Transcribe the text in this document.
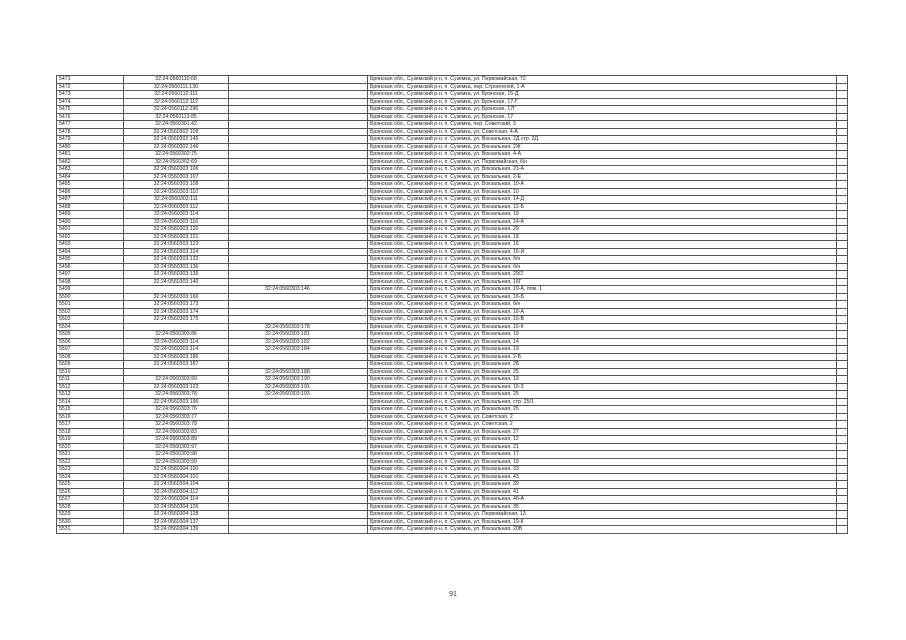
5471	32:24:0560110:68		Брянская обл., Суземский р-н, п. Суземка, ул. Первомайская, 72	
5472	32:24:0560111:130		Брянская обл., Суземский р-н, п. Суземка, пер. Строителей, 1-А	
5473	32:24:0560112:111		Брянская обл., Суземский р-н, п. Суземка, ул. Брянская, 15-Д	
5474	32:24:0560112:112		Брянская обл., Суземский р-н, п. Суземка, ул. Брянская, 17-Г	
5475	32:24:0560112:296		Брянская обл., Суземский р-н, п. Суземка, ул. Брянская, 17Г	
5476	32:24:0560113:85		Брянская обл., Суземский р-н, п. Суземка, ул. Брянская, 17	
5477	32:24:0560301:42		Брянская обл., Суземский р-н, п. Суземка, пер. Советский, 3	
5478	32:24:0560302:109		Брянская обл., Суземский р-н, п. Суземка, ул. Советская, 4-А	
5479	32:24:0560302:145		Брянская обл., Суземский р-н, п. Суземка, ул. Вокзальная, 2Д стр. 2Д	
5480	32:24:0560302:146		Брянская обл., Суземский р-н, п. Суземка, ул. Вокзальная, 2Ж	
5481	32:24:0560302:75		Брянская обл., Суземский р-н, п. Суземка, ул. Вокзальная, 4-А	
5482	32:24:0560302:69		Брянская обл., Суземский р-н, п. Суземка, ул. Первомайская, б/н	
5483	32:24:0560303:106		Брянская обл., Суземский р-н, п. Суземка, ул. Вокзальная, 21-А	
5484	32:24:0560303:107		Брянская обл., Суземский р-н, п. Суземка, ул. Вокзальная, 2-Е	
5485	32:24:0560303:108		Брянская обл., Суземский р-н, п. Суземка, ул. Вокзальная, 10-А	
5486	32:24:0560303:110		Брянская обл., Суземский р-н, п. Суземка, ул. Вокзальная, 10	
5487	32:24:0560303:111		Брянская обл., Суземский р-н, п. Суземка, ул. Вокзальная, 14-Д	
5488	32:24:0560303:112		Брянская обл., Суземский р-н, п. Суземка, ул. Вокзальная, 12-Б	
5489	32:24:0560303:114		Брянская обл., Суземский р-н, п. Суземка, ул. Вокзальная, 19	
5490	32:24:0560303:116		Брянская обл., Суземский р-н, п. Суземка, ул. Вокзальная, 14-А	
5491	32:24:0560303:120		Брянская обл., Суземский р-н, п. Суземка, ул. Вокзальная, 29	
5492	32:24:0560303:121		Брянская обл., Суземский р-н, п. Суземка, ул. Вокзальная, 18	
5493	32:24:0560303:123		Брянская обл., Суземский р-н, п. Суземка, ул. Вокзальная, 16	
5494	32:24:0560303:124		Брянская обл., Суземский р-н, п. Суземка, ул. Вокзальная, 16-И	
5495	32:24:0560303:133		Брянская обл., Суземский р-н, п. Суземка, ул. Вокзальная, б/н	
5496	32:24:0560303:136		Брянская обл., Суземский р-н, п. Суземка, ул. Вокзальная, б/н	
5497	32:24:0560303:139		Брянская обл., Суземский р-н, п. Суземка, ул. Вокзальная, 29/2	
5498	32:24:0560303:140		Брянская обл., Суземский р-н, п. Суземка, ул. Вокзальная, 16Г	
5499		32:24:0560303:146	Брянская обл., Суземский р-н, п. Суземка, ул. Вокзальная, 19-А, пом. 1	
5500	32:24:0560303:166		Брянская обл., Суземский р-н, п. Суземка, ул. Вокзальная, 16-Б	
5501	32:24:0560303:173		Брянская обл., Суземский р-н, п. Суземка, ул. Вокзальная, б/н	
5502	32:24:0560303:174		Брянская обл., Суземский р-н, п. Суземка, ул. Вокзальная, 16-А	
5503	32:24:0560303:175		Брянская обл., Суземский р-н, п. Суземка, ул. Вокзальная, 16-В	
5504		32:24:0560303:178	Брянская обл., Суземский р-н, п. Суземка, ул. Вокзальная, 16-К	
5505	32:24:0560303:86	32:24:0560303:181	Брянская обл., Суземский р-н, п. Суземка, ул. Вокзальная, 19	
5506	32:24:0560303:114	32:24:0560303:182	Брянская обл., Суземский р-н, п. Суземка, ул. Вокзальная, 14	
5507	32:24:0560303:114	32:24:0560303:184	Брянская обл., Суземский р-н, п. Суземка, ул. Вокзальная, 19	
5508	32:24:0560303:186		Брянская обл., Суземский р-н, п. Суземка, ул. Вокзальная, 2-Б	
5509	32:24:0560303:187		Брянская обл., Суземский р-н, п. Суземка, ул. Вокзальная, 2Б	
5510		32:24:0560303:188	Брянская обл., Суземский р-н, п. Суземка, ул. Вокзальная, 25	
5511	32:24:0560303:99	32:24:0560303:190	Брянская обл., Суземский р-н, п. Суземка, ул. Вокзальная, 19	
5512	32:24:0560303:123	32:24:0560303:191	Брянская обл., Суземский р-н, п. Суземка, ул. Вокзальная, 16-З	
5513	32:24:0560303:78	32:24:0560303:193	Брянская обл., Суземский р-н, п. Суземка, ул. Вокзальная, 25	
5514	32:24:0560303:196		Брянская обл., Суземский р-н, п. Суземка, ул. Вокзальная, стр. 25/1	
5515	32:24:0560303:76		Брянская обл., Суземский р-н, п. Суземка, ул. Вокзальная, 25	
5516	32:24:0560303:77		Брянская обл., Суземский р-н, п. Суземка, ул. Советская, 2	
5517	32:24:0560303:78		Брянская обл., Суземский р-н, п. Суземка, ул. Советская, 2	
5518	32:24:0560303:83		Брянская обл., Суземский р-н, п. Суземка, ул. Вокзальная, 27	
5519	32:24:0560303:89		Брянская обл., Суземский р-н, п. Суземка, ул. Вокзальная, 12	
5520	32:24:0560303:97		Брянская обл., Суземский р-н, п. Суземка, ул. Вокзальная, 21	
5521	32:24:0560303:98		Брянская обл., Суземский р-н, п. Суземка, ул. Вокзальная, 17	
5522	32:24:0560303:99		Брянская обл., Суземский р-н, п. Суземка, ул. Вокзальная, 19	
5523	32:24:0560304:100		Брянская обл., Суземский р-н, п. Суземка, ул. Вокзальная, 33	
5524	32:24:0560304:101		Брянская обл., Суземский р-н, п. Суземка, ул. Вокзальная, 43	
5525	32:24:0560304:104		Брянская обл., Суземский р-н, п. Суземка, ул. Вокзальная, 39	
5526	32:24:0560304:112		Брянская обл., Суземский р-н, п. Суземка, ул. Вокзальная, 41	
5527	32:24:0560304:114		Брянская обл., Суземский р-н, п. Суземка, ул. Вокзальная, 46-А	
5528	32:24:0560304:126		Брянская обл., Суземский р-н, п. Суземка, ул. Вокзальная, 35	
5529	32:24:0560304:128		Брянская обл., Суземский р-н, п. Суземка, ул. Первомайская, 13	
5530	32:24:0560304:137		Брянская обл., Суземский р-н, п. Суземка, ул. Вокзальная, 19-К	
5531	32:24:0560304:139		Брянская обл., Суземский р-н, п. Суземка, ул. Вокзальная, 20В	
91
